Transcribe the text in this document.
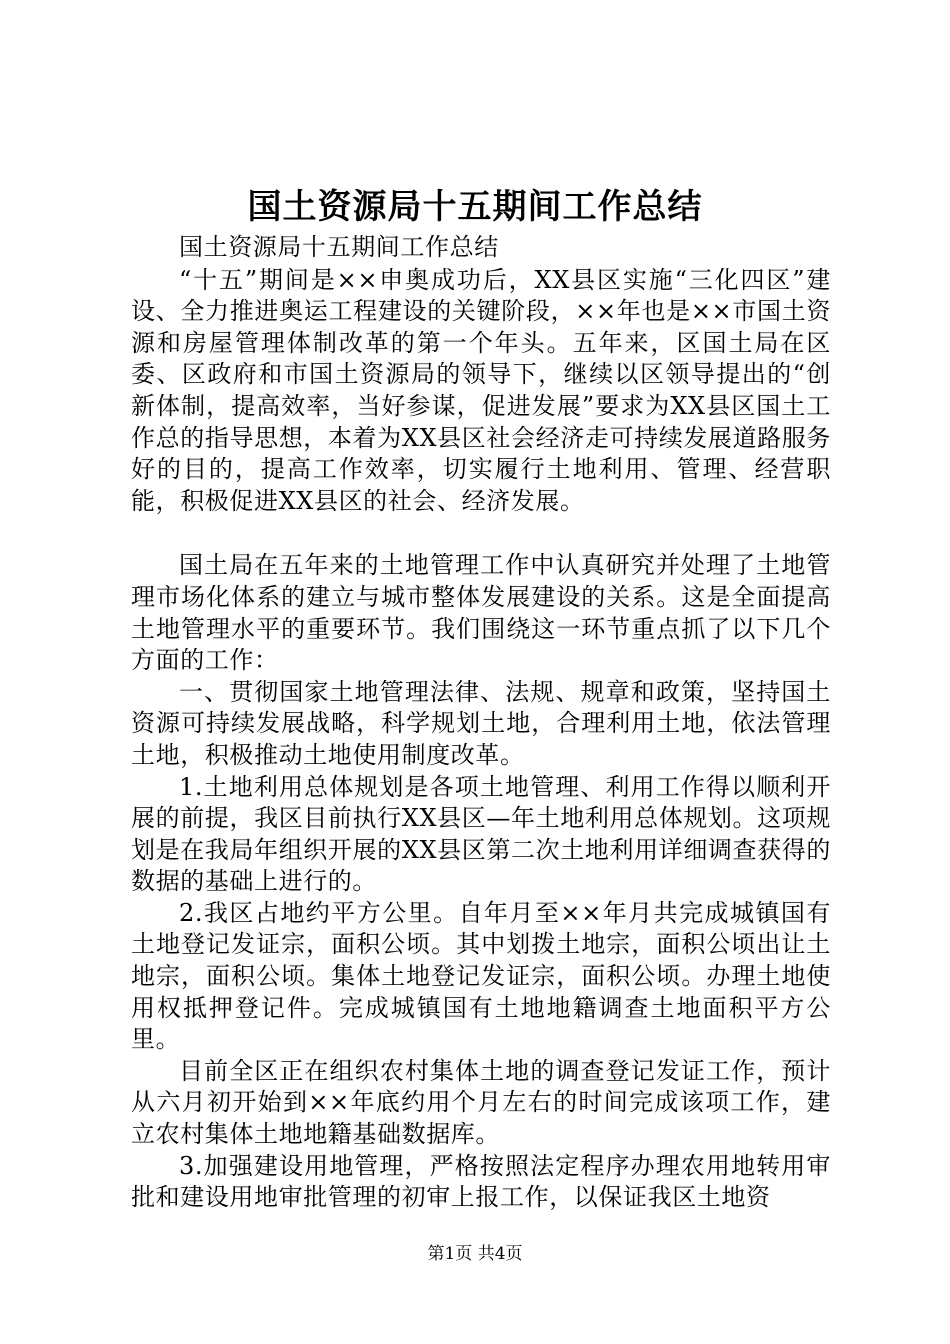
国土资源局十五期间工作总结

国土资源局十五期间工作总结

“十五”期间是××申奥成功后，XX县区实施“三化四区”建设、全力推进奥运工程建设的关键阶段，××年也是××市国土资源和房屋管理体制改革的第一个年头。五年来，区国土局在区委、区政府和市国土资源局的领导下，继续以区领导提出的“创新体制，提高效率，当好参谋，促进发展”要求为XX县区国土工作总的指导思想，本着为XX县区社会经济走可持续发展道路服务好的目的，提高工作效率，切实履行土地利用、管理、经营职能，积极促进XX县区的社会、经济发展。

国土局在五年来的土地管理工作中认真研究并处理了土地管理市场化体系的建立与城市整体发展建设的关系。这是全面提高土地管理水平的重要环节。我们围绕这一环节重点抓了以下几个方面的工作：

一、贯彻国家土地管理法律、法规、规章和政策，坚持国土资源可持续发展战略，科学规划土地，合理利用土地，依法管理土地，积极推动土地使用制度改革。

1.土地利用总体规划是各项土地管理、利用工作得以顺利开展的前提，我区目前执行XX县区—年土地利用总体规划。这项规划是在我局年组织开展的XX县区第二次土地利用详细调查获得的数据的基础上进行的。

2.我区占地约平方公里。自年月至××年月共完成城镇国有土地登记发证宗，面积公顷。其中划拨土地宗，面积公顷出让土地宗，面积公顷。集体土地登记发证宗，面积公顷。办理土地使用权抵押登记件。完成城镇国有土地地籍调查土地面积平方公里。

目前全区正在组织农村集体土地的调查登记发证工作，预计从六月初开始到××年底约用个月左右的时间完成该项工作，建立农村集体土地地籍基础数据库。

3.加强建设用地管理，严格按照法定程序办理农用地转用审批和建设用地审批管理的初审上报工作，以保证我区土地资

第1页 共4页
